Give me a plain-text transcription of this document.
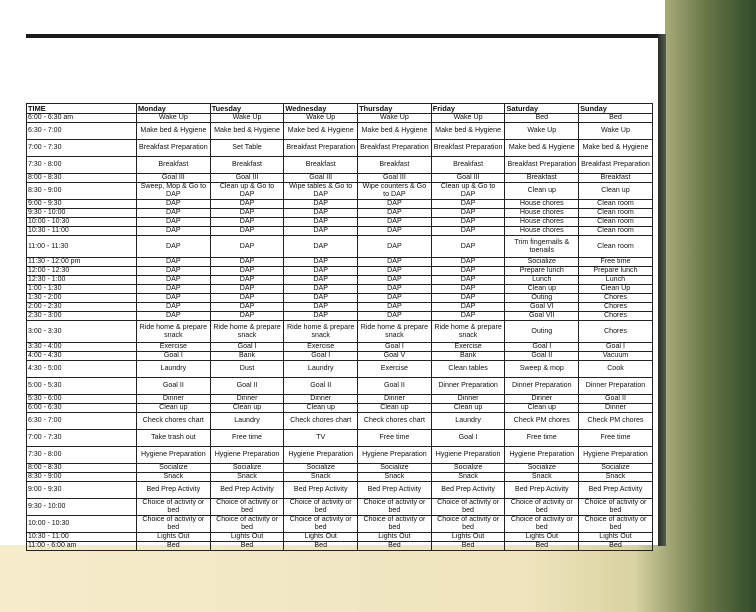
TIME	Monday	Tuesday	Wednesday	Thursday	Friday	Saturday	Sunday
6:00 - 6:30 am	Wake Up	Wake Up	Wake Up	Wake Up	Wake Up	Bed	Bed
6:30 - 7:00	Make bed & Hygiene	Make bed & Hygiene	Make bed & Hygiene	Make bed & Hygiene	Make bed & Hygiene	Wake Up	Wake Up
7:00 - 7:30	Breakfast Preparation	Set Table	Breakfast Preparation	Breakfast Preparation	Breakfast Preparation	Make bed & Hygiene	Make bed & Hygiene
7:30 - 8:00	Breakfast	Breakfast	Breakfast	Breakfast	Breakfast	Breakfast Preparation	Breakfast Preparation
8:00 - 8:30	Goal III	Goal III	Goal III	Goal III	Goal III	Breakfast	Breakfast
8:30 - 9:00	Sweep, Mop & Go to DAP	Clean up & Go to DAP	Wipe tables & Go to DAP	Wipe counters & Go to DAP	Clean up & Go to DAP	Clean up	Clean up
9:00 - 9:30	DAP	DAP	DAP	DAP	DAP	House chores	Clean room
9:30 - 10:00	DAP	DAP	DAP	DAP	DAP	House chores	Clean room
10:00 - 10:30	DAP	DAP	DAP	DAP	DAP	House chores	Clean room
10:30 - 11:00	DAP	DAP	DAP	DAP	DAP	House chores	Clean room
11:00 - 11:30	DAP	DAP	DAP	DAP	DAP	Trim fingernails & toenails	Clean room
11:30 - 12:00 pm	DAP	DAP	DAP	DAP	DAP	Socialize	Free time
12:00 - 12:30	DAP	DAP	DAP	DAP	DAP	Prepare lunch	Prepare lunch
12:30 - 1:00	DAP	DAP	DAP	DAP	DAP	Lunch	Lunch
1:00 - 1:30	DAP	DAP	DAP	DAP	DAP	Clean up	Clean Up
1:30 - 2:00	DAP	DAP	DAP	DAP	DAP	Outing	Chores
2:00 - 2:30	DAP	DAP	DAP	DAP	DAP	Goal VI	Chores
2:30 - 3:00	DAP	DAP	DAP	DAP	DAP	Goal VII	Chores
3:00 - 3:30	Ride home & prepare snack	Ride home & prepare snack	Ride home & prepare snack	Ride home & prepare snack	Ride home & prepare snack	Outing	Chores
3:30 - 4:00	Exercise	Goal I	Exercise	Goal I	Exercise	Goal I	Goal I
4:00 - 4:30	Goal I	Bank	Goal I	Goal V	Bank	Goal II	Vacuum
4:30 - 5:00	Laundry	Dust	Laundry	Exercise	Clean tables	Sweep & mop	Cook
5:00 - 5:30	Goal II	Goal II	Goal II	Goal II	Dinner Preparation	Dinner Preparation	Dinner Preparation
5:30 - 6:00	Dinner	Dinner	Dinner	Dinner	Dinner	Dinner	Goal II
6:00 - 6:30	Clean up	Clean up	Clean up	Clean up	Clean up	Clean up	Dinner
6:30 - 7:00	Check chores chart	Laundry	Check chores chart	Check chores chart	Laundry	Check PM chores	Check PM chores
7:00 - 7:30	Take trash out	Free time	TV	Free time	Goal I	Free time	Free time
7:30 - 8:00	Hygiene Preparation	Hygiene Preparation	Hygiene Preparation	Hygiene Preparation	Hygiene Preparation	Hygiene Preparation	Hygiene Preparation
8:00 - 8:30	Socialize	Socialize	Socialize	Socialize	Socialize	Socialize	Socialize
8:30 - 9:00	Snack	Snack	Snack	Snack	Snack	Snack	Snack
9:00 - 9:30	Bed Prep Activity	Bed Prep Activity	Bed Prep Activity	Bed Prep Activity	Bed Prep Activity	Bed Prep Activity	Bed Prep Activity
9:30 - 10:00	Choice of activity or bed	Choice of activity or bed	Choice of activity or bed	Choice of activity or bed	Choice of activity or bed	Choice of activity or bed	Choice of activity or bed
10:00 - 10:30	Choice of activity or bed	Choice of activity or bed	Choice of activity or bed	Choice of activity or bed	Choice of activity or bed	Choice of activity or bed	Choice of activity or bed
10:30 - 11:00	Lights Out	Lights Out	Lights Out	Lights Out	Lights Out	Lights Out	Lights Out
11:00 - 6:00 am	Bed	Bed	Bed	Bed	Bed	Bed	Bed
